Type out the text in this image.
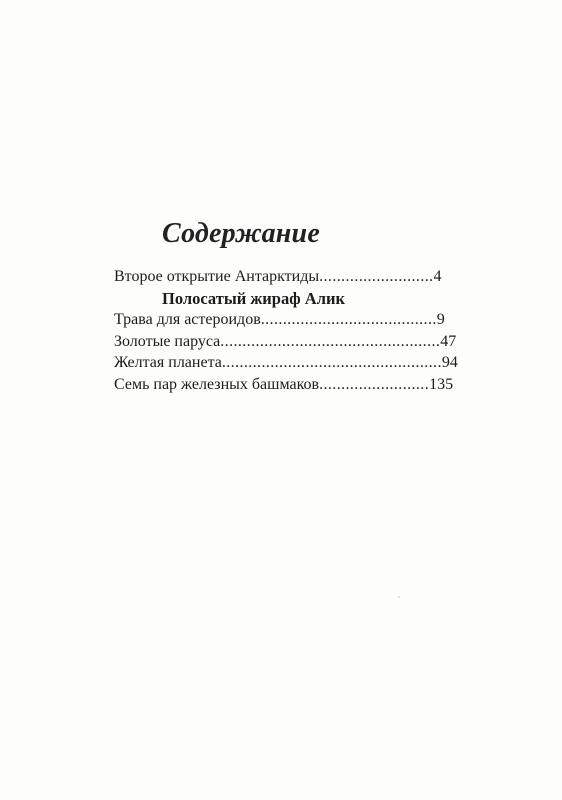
Содержание
Второе открытие Антарктиды..........................4
Полосатый жираф Алик
Трава для астероидов........................................9
Золотые паруса..................................................47
Желтая планета..................................................94
Семь пар железных башмаков.........................135
